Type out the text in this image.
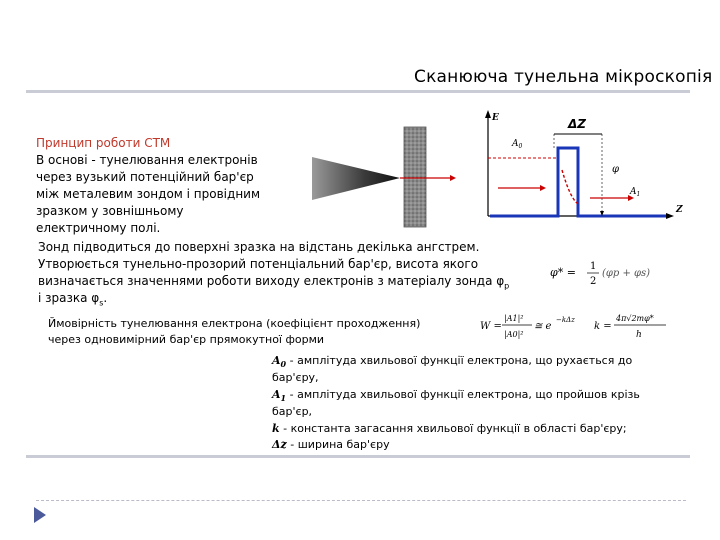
Сканююча тунельна мікроскопія
Принцип роботи СТМ
В основі - тунелювання електронів
через вузький потенційний бар'єр
між металевим зондом і провідним
зразком у зовнішньому
електричному полі.
E
Z
ΔZ
$A_0$
φ
$A_1$
Зонд підводиться до поверхні зразка на відстань декілька ангстрем.
Утворюється тунельно-прозорий потенціальний бар'єр, висота якого
визначається значеннями роботи виходу електронів з матеріалу зонда $\varphi_p$
і зразка $\varphi_s$.
φ* = 1
2
(φp + φs)
Ймовірність тунелювання електрона (коефіцієнт проходження)
через одновимірний бар'єр прямокутної форми
W =
|A1|²
|A0|²
≅ e
−kΔz
k =
4π√2mφ*
h
$A_0$ - амплітуда хвильової функції електрона, що рухається до
бар'єру,
$A_1$ - амплітуда хвильової функції електрона, що пройшов крізь
бар'єр,
k - константа загасання хвильової функції в області бар'єру;
Δz - ширина бар'єру
